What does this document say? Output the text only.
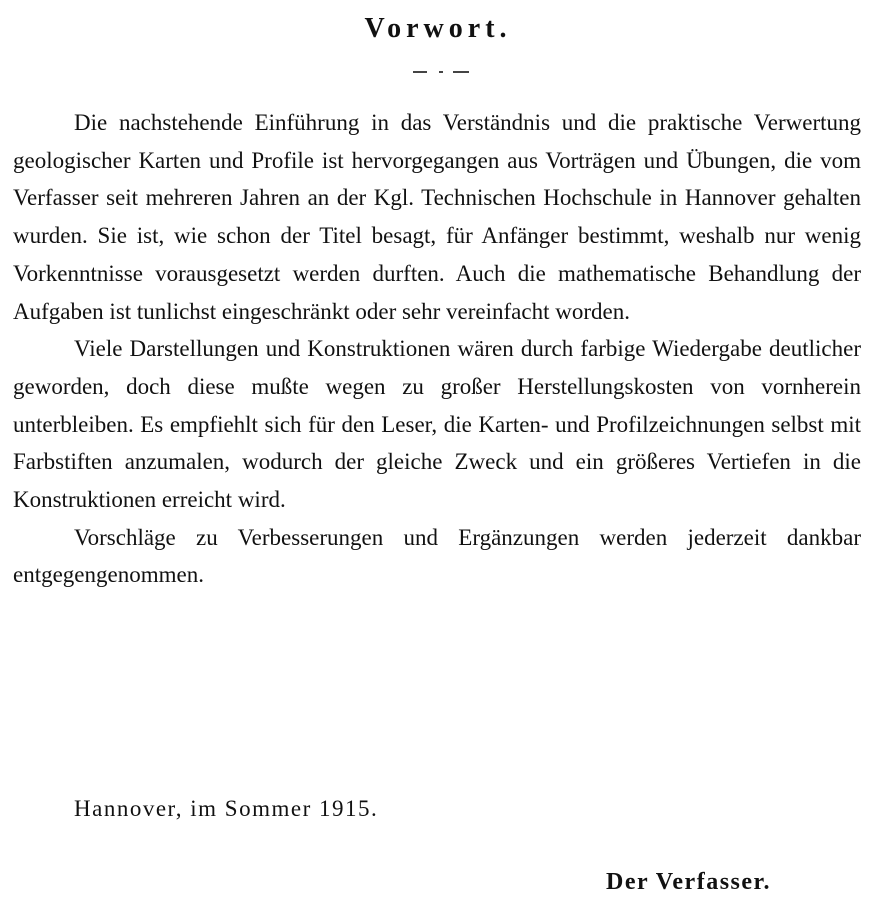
Vorwort.

Die nachstehende Einführung in das Verständnis und die praktische Verwertung geologischer Karten und Profile ist hervorgegangen aus Vorträgen und Übungen, die vom Verfasser seit mehreren Jahren an der Kgl. Technischen Hochschule in Hannover gehalten wurden. Sie ist, wie schon der Titel besagt, für Anfänger bestimmt, weshalb nur wenig Vorkenntnisse vorausgesetzt werden durften. Auch die mathematische Behandlung der Aufgaben ist tunlichst eingeschränkt oder sehr vereinfacht worden.

Viele Darstellungen und Konstruktionen wären durch farbige Wiedergabe deutlicher geworden, doch diese mußte wegen zu großer Herstellungskosten von vornherein unterbleiben. Es empfiehlt sich für den Leser, die Karten- und Profilzeichnungen selbst mit Farbstiften anzumalen, wodurch der gleiche Zweck und ein größeres Vertiefen in die Konstruktionen erreicht wird.

Vorschläge zu Verbesserungen und Ergänzungen werden jederzeit dankbar entgegengenommen.

Hannover, im Sommer 1915.

Der Verfasser.
